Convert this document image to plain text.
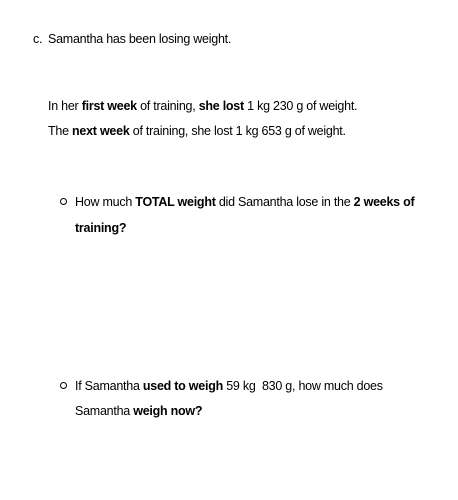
c. Samantha has been losing weight.
In her first week of training, she lost 1 kg 230 g of weight.
The next week of training, she lost 1 kg 653 g of weight.
How much TOTAL weight did Samantha lose in the 2 weeks of
training?
If Samantha used to weigh 59 kg  830 g, how much does
Samantha weigh now?
